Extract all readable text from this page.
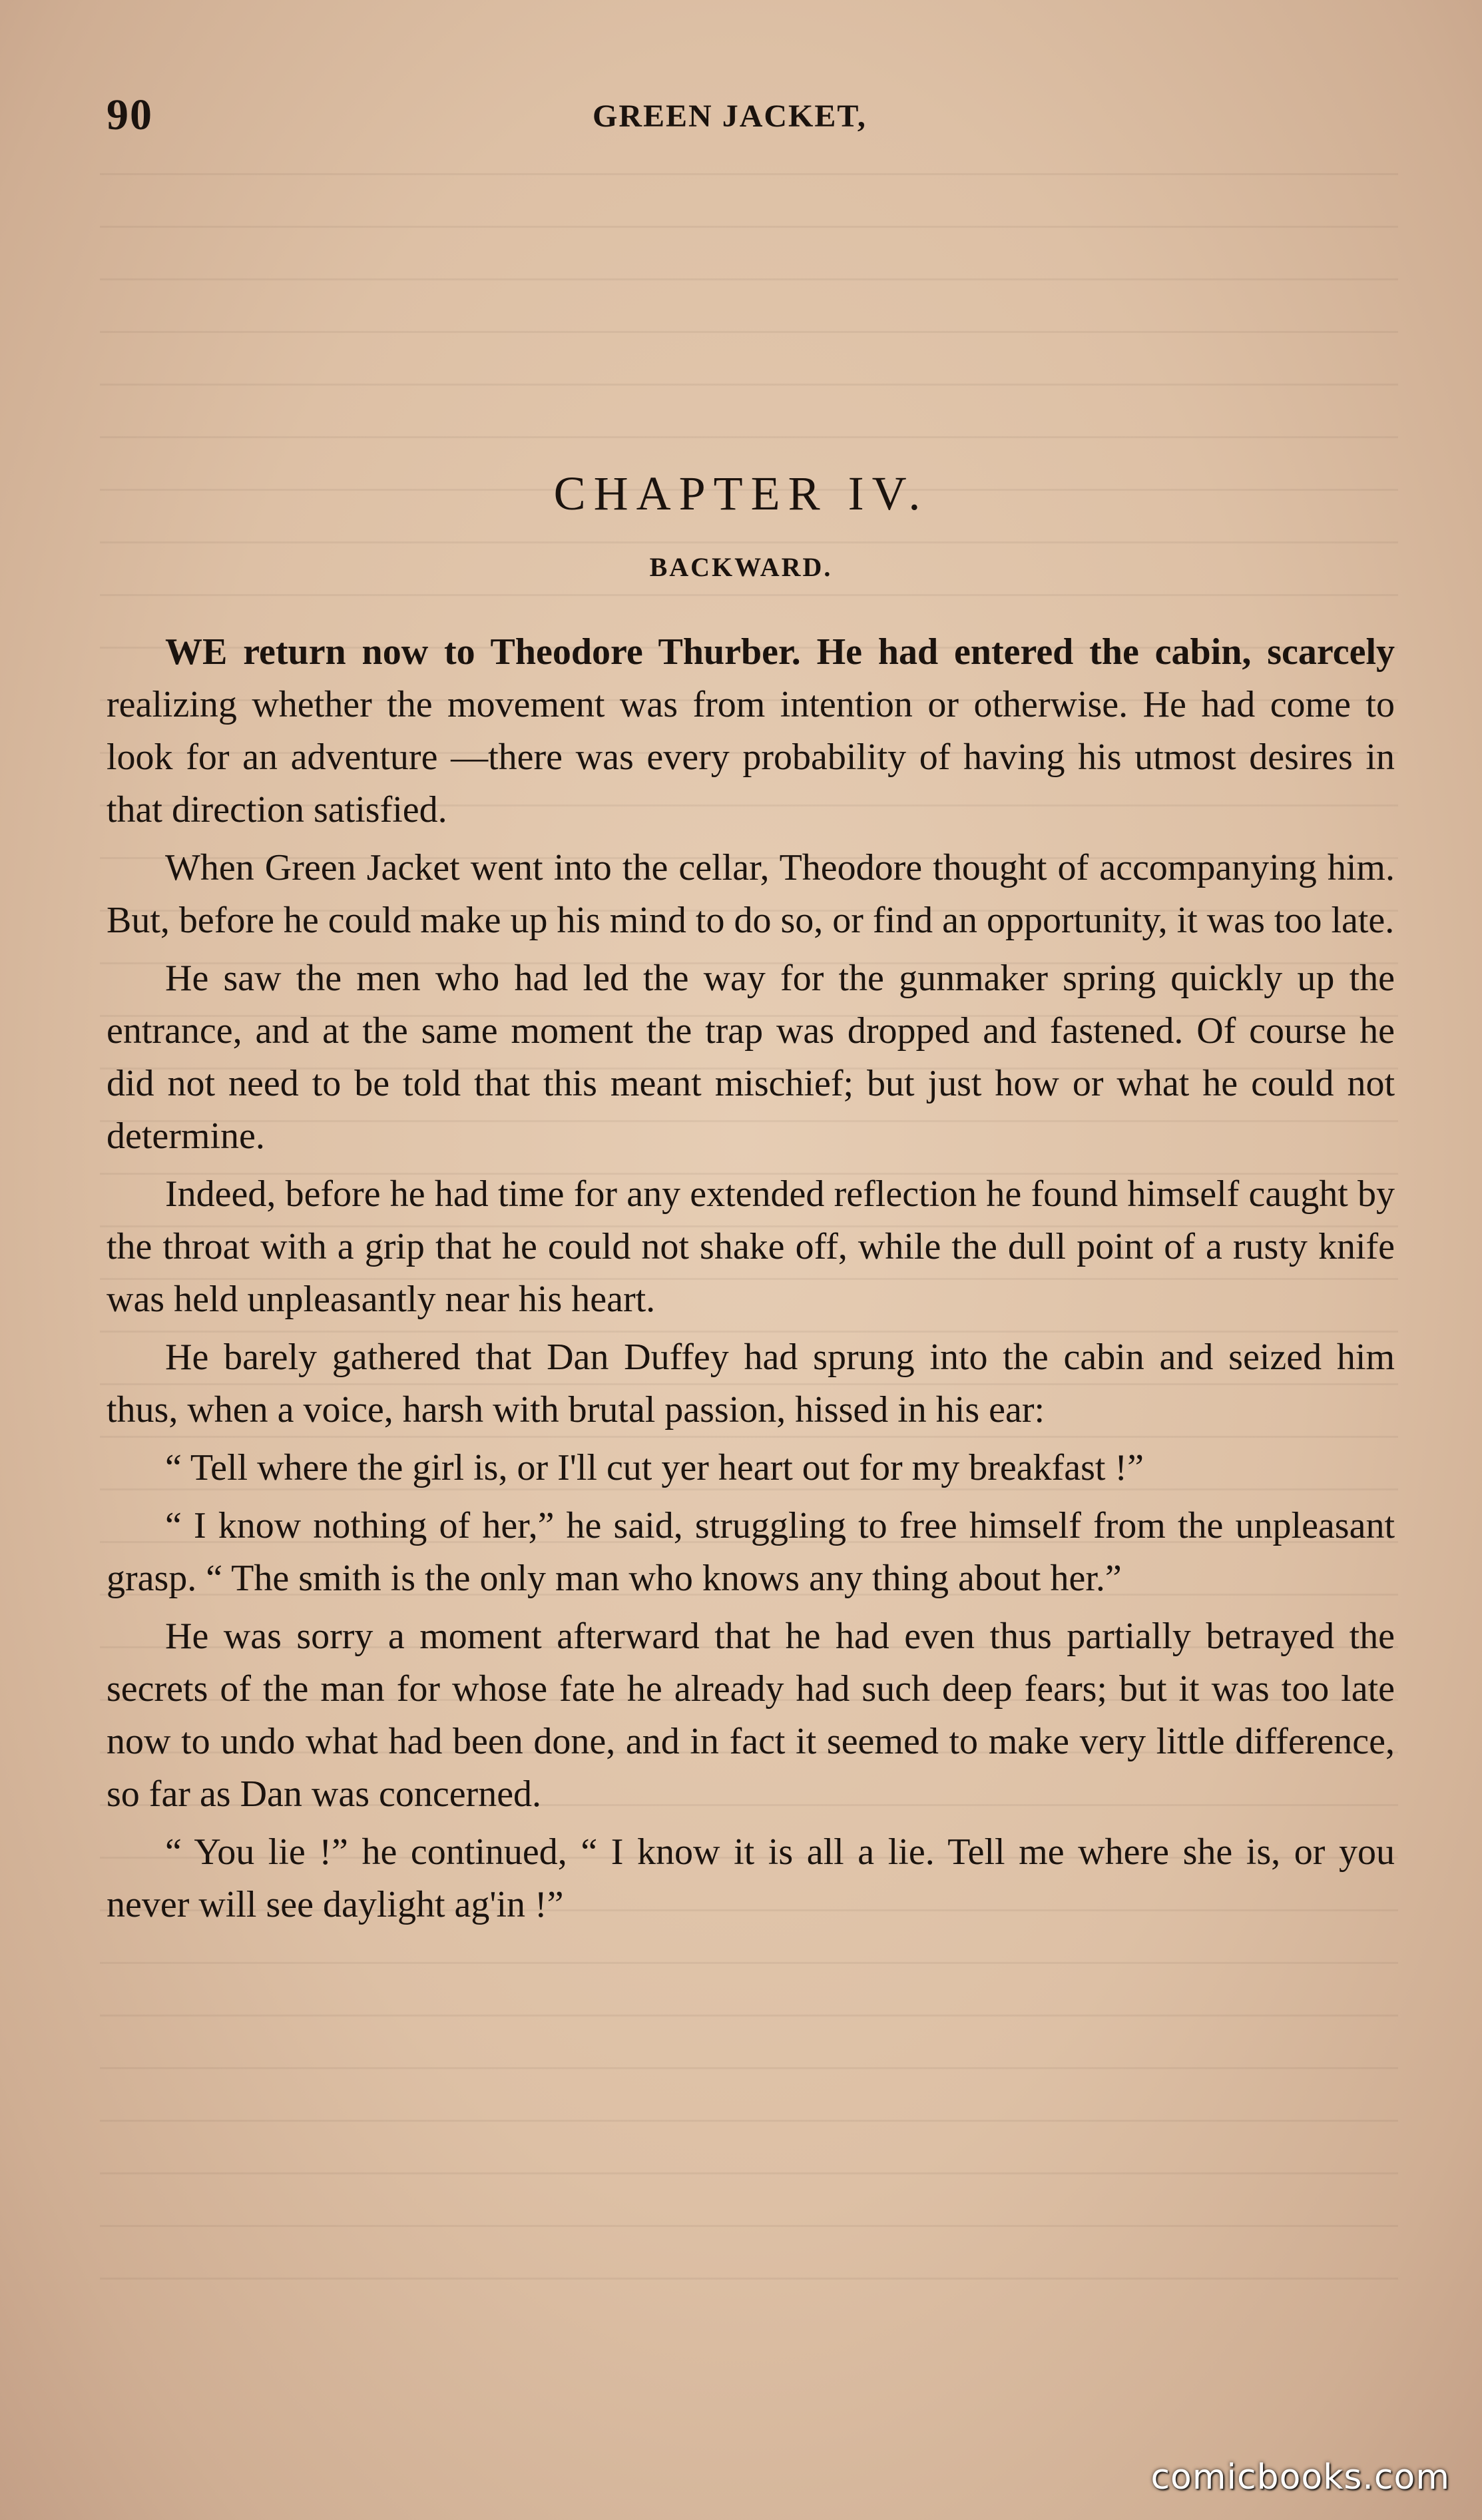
90	GREEN JACKET,
CHAPTER IV.
BACKWARD.

WE return now to Theodore Thurber. He had entered the cabin, scarcely realizing whether the movement was from intention or otherwise. He had come to look for an adventure —there was every probability of having his utmost desires in that direction satisfied.

When Green Jacket went into the cellar, Theodore thought of accompanying him. But, before he could make up his mind to do so, or find an opportunity, it was too late.

He saw the men who had led the way for the gunmaker spring quickly up the entrance, and at the same moment the trap was dropped and fastened. Of course he did not need to be told that this meant mischief; but just how or what he could not determine.

Indeed, before he had time for any extended reflection he found himself caught by the throat with a grip that he could not shake off, while the dull point of a rusty knife was held unpleasantly near his heart.

He barely gathered that Dan Duffey had sprung into the cabin and seized him thus, when a voice, harsh with brutal passion, hissed in his ear:

“ Tell where the girl is, or I'll cut yer heart out for my breakfast !”

“ I know nothing of her,” he said, struggling to free himself from the unpleasant grasp. “ The smith is the only man who knows any thing about her.”

He was sorry a moment afterward that he had even thus partially betrayed the secrets of the man for whose fate he already had such deep fears; but it was too late now to undo what had been done, and in fact it seemed to make very little difference, so far as Dan was concerned.

“ You lie !” he continued, “ I know it is all a lie. Tell me where she is, or you never will see daylight ag'in !”

comicbooks.com
